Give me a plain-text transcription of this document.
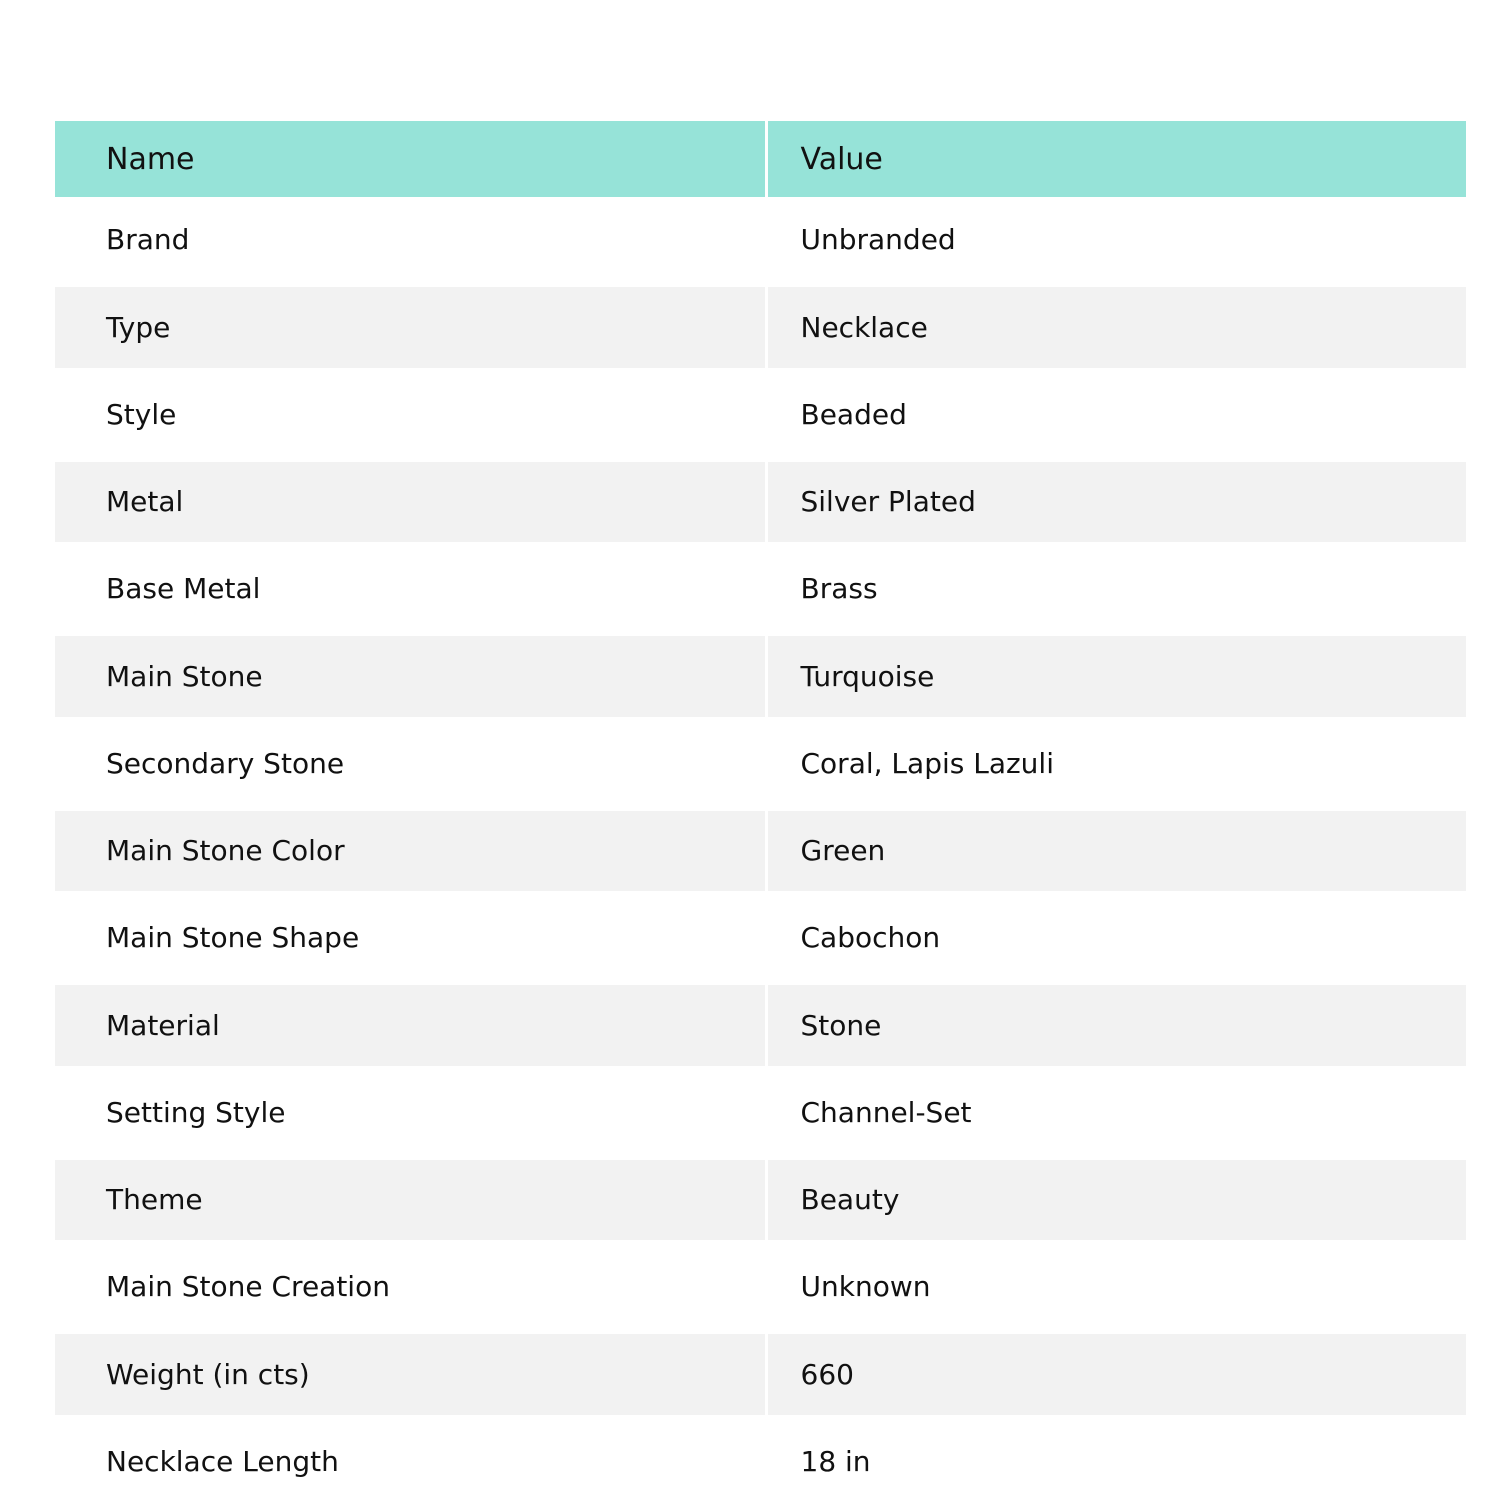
Name	Value
Brand	Unbranded
Type	Necklace
Style	Beaded
Metal	Silver Plated
Base Metal	Brass
Main Stone	Turquoise
Secondary Stone	Coral, Lapis Lazuli
Main Stone Color	Green
Main Stone Shape	Cabochon
Material	Stone
Setting Style	Channel-Set
Theme	Beauty
Main Stone Creation	Unknown
Weight (in cts)	660
Necklace Length	18 in
